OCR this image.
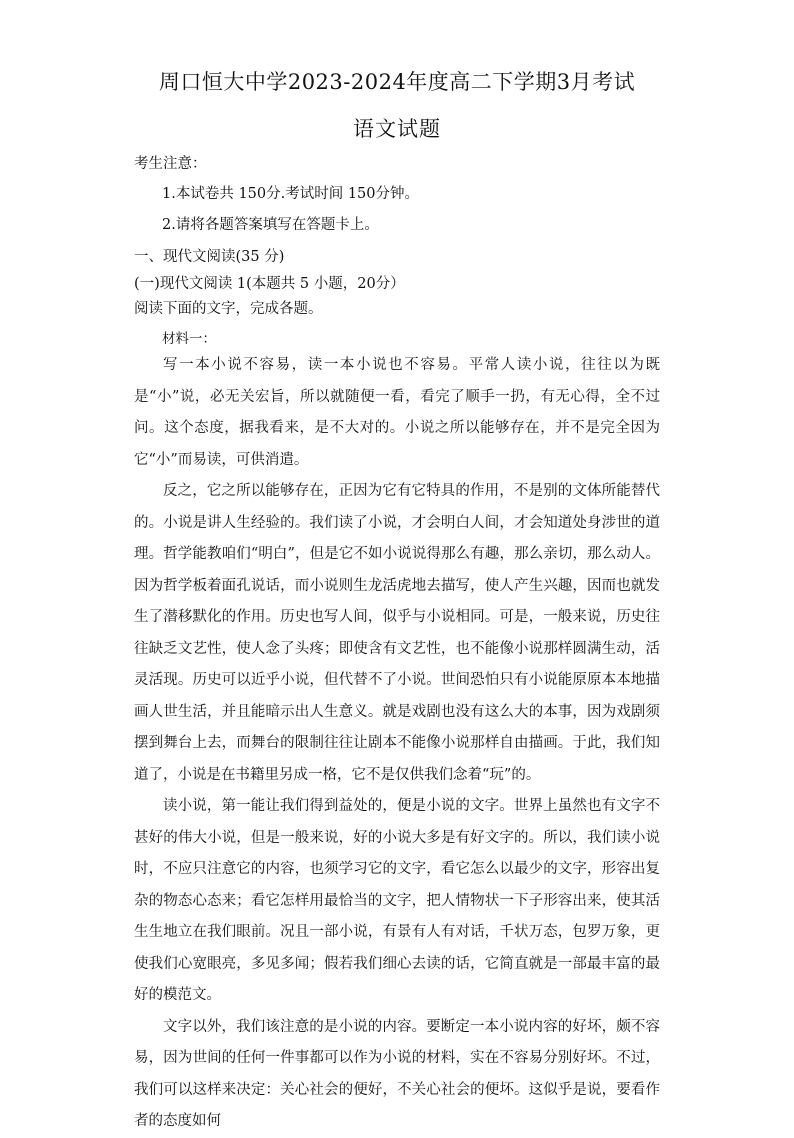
周口恒大中学2023-2024年度高二下学期3月考试
语文试题
考生注意：
1.本试卷共 150分.考试时间 150分钟。
2.请将各题答案填写在答题卡上。
一、现代文阅读(35 分)
(一)现代文阅读 1(本题共 5 小题，20分）
阅读下面的文字，完成各题。
材料一：

写一本小说不容易，读一本小说也不容易。平常人读小说，往往以为既是“小”说，必无关宏旨，所以就随便一看，看完了顺手一扔，有无心得，全不过问。这个态度，据我看来，是不大对的。小说之所以能够存在，并不是完全因为它“小”而易读，可供消遣。

反之，它之所以能够存在，正因为它有它特具的作用，不是别的文体所能替代的。小说是讲人生经验的。我们读了小说，才会明白人间，才会知道处身涉世的道理。哲学能教咱们“明白”，但是它不如小说说得那么有趣，那么亲切，那么动人。因为哲学板着面孔说话，而小说则生龙活虎地去描写，使人产生兴趣，因而也就发生了潜移默化的作用。历史也写人间，似乎与小说相同。可是，一般来说，历史往往缺乏文艺性，使人念了头疼；即使含有文艺性，也不能像小说那样圆满生动，活灵活现。历史可以近乎小说，但代替不了小说。世间恐怕只有小说能原原本本地描画人世生活，并且能暗示出人生意义。就是戏剧也没有这么大的本事，因为戏剧须摆到舞台上去，而舞台的限制往往让剧本不能像小说那样自由描画。于此，我们知道了，小说是在书籍里另成一格，它不是仅供我们念着“玩”的。

读小说，第一能让我们得到益处的，便是小说的文字。世界上虽然也有文字不甚好的伟大小说，但是一般来说，好的小说大多是有好文字的。所以，我们读小说时，不应只注意它的内容，也须学习它的文字，看它怎么以最少的文字，形容出复杂的物态心态来；看它怎样用最恰当的文字，把人情物状一下子形容出来，使其活生生地立在我们眼前。况且一部小说，有景有人有对话，千状万态，包罗万象，更使我们心宽眼亮，多见多闻；假若我们细心去读的话，它简直就是一部最丰富的最好的模范文。

文字以外，我们该注意的是小说的内容。要断定一本小说内容的好坏，颇不容易，因为世间的任何一件事都可以作为小说的材料，实在不容易分别好坏。不过，我们可以这样来决定：关心社会的便好，不关心社会的便坏。这似乎是说，要看作者的态度如何
